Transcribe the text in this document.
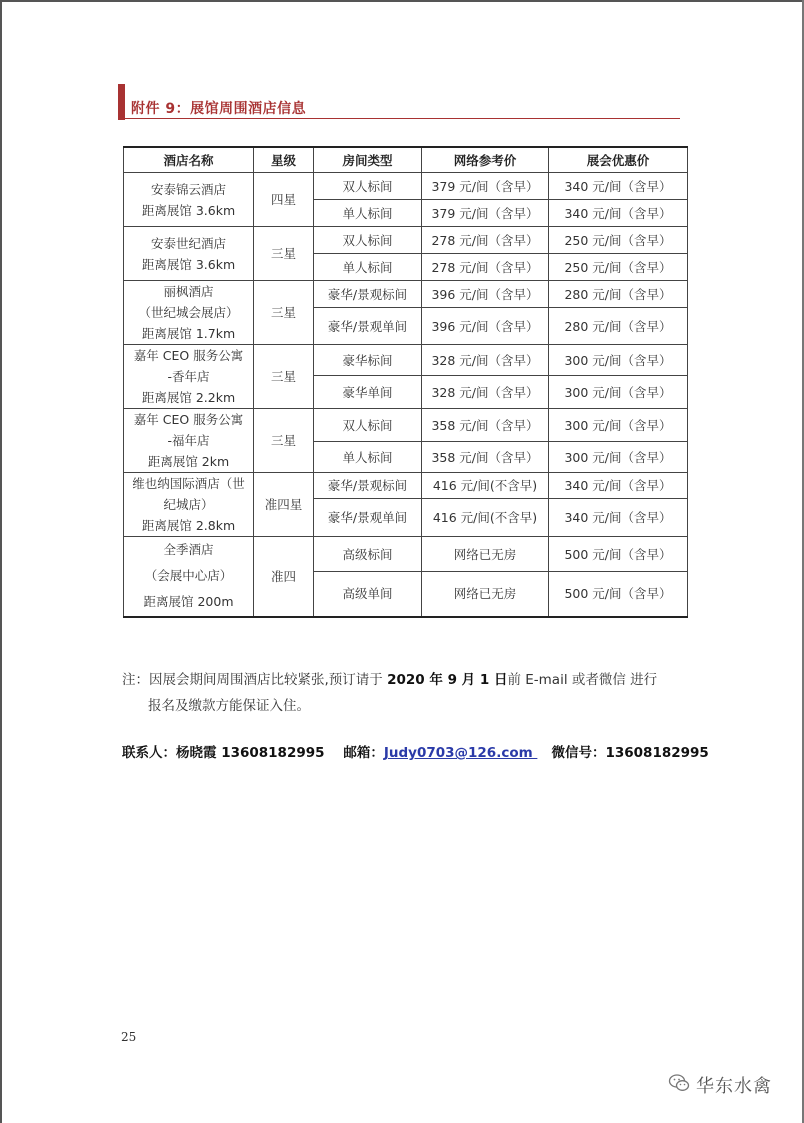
附件 9：展馆周围酒店信息
酒店名称	星级	房间类型	网络参考价	展会优惠价

安泰锦云酒店
距离展馆 3.6km	四星	双人标间	379 元/间（含早）	340 元/间（含早）
		单人标间	379 元/间（含早）	340 元/间（含早）

安泰世纪酒店
距离展馆 3.6km	三星	双人标间	278 元/间（含早）	250 元/间（含早）
		单人标间	278 元/间（含早）	250 元/间（含早）

丽枫酒店
（世纪城会展店）
距离展馆 1.7km	三星	豪华/景观标间	396 元/间（含早）	280 元/间（含早）
		豪华/景观单间	396 元/间（含早）	280 元/间（含早）

嘉年 CEO 服务公寓
-香年店
距离展馆 2.2km	三星	豪华标间	328 元/间（含早）	300 元/间（含早）
		豪华单间	328 元/间（含早）	300 元/间（含早）

嘉年 CEO 服务公寓
-福年店
距离展馆 2km	三星	双人标间	358 元/间（含早）	300 元/间（含早）
		单人标间	358 元/间（含早）	300 元/间（含早）

维也纳国际酒店（世
纪城店）
距离展馆 2.8km	准四星	豪华/景观标间	416 元/间(不含早)	340 元/间（含早）
		豪华/景观单间	416 元/间(不含早)	340 元/间（含早）

全季酒店
（会展中心店）
距离展馆 200m	准四	高级标间	网络已无房	500 元/间（含早）
		高级单间	网络已无房	500 元/间（含早）
注：因展会期间周围酒店比较紧张,预订请于 2020 年 9 月 1 日前 E-mail 或者微信 进行
报名及缴款方能保证入住。
联系人：杨晓霞 13608182995 邮箱：Judy0703@126.com    微信号：13608182995
25
华东水禽
